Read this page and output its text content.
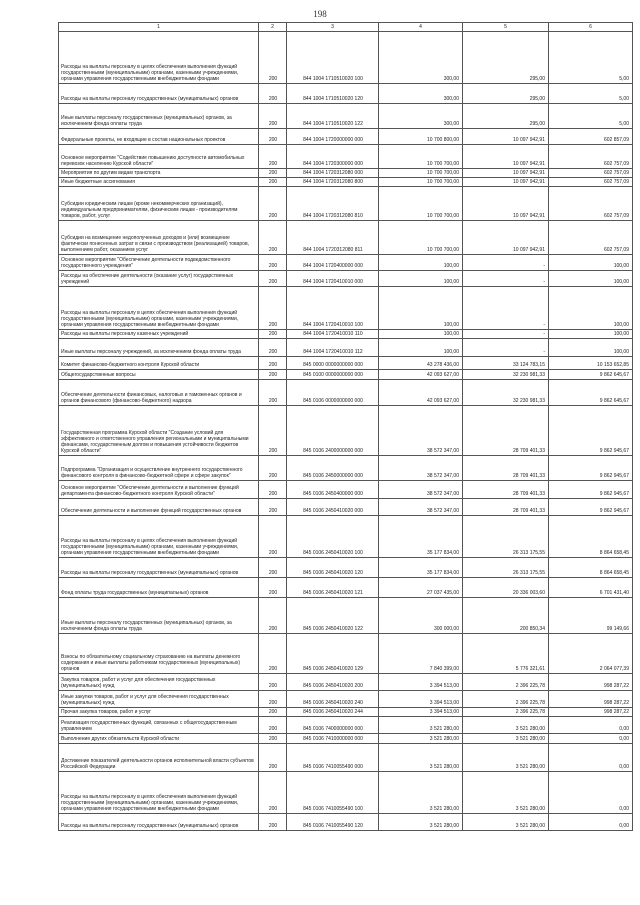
198
1	2	3	4	5	6
Расходы на выплаты персоналу в целях обеспечения выполнения функций государственными (муниципальными) органами, казенными учреждениями, органами управления государственными внебюджетными фондами	200	844 1004 1710510020 100	300,00	295,00	5,00
Расходы на выплаты персоналу государственных (муниципальных) органов	200	844 1004 1710510020 120	300,00	295,00	5,00
Иные выплаты персоналу государственных (муниципальных) органов, за исключением фонда оплаты труда	200	844 1004 1710510020 122	300,00	295,00	5,00
Федеральные проекты, не входящие в состав национальных проектов	200	844 1004 1720000000 000	10 700 800,00	10 097 942,91	602 857,09
Основное мероприятие "Содействие повышению доступности автомобильных перевозок населению Курской области"	200	844 1004 1720300000 000	10 700 700,00	10 097 942,91	602 757,09
Мероприятия по другим видам транспорта	200	844 1004 1720312080 000	10 700 700,00	10 097 942,91	602 757,09
Иные бюджетные ассигнования	200	844 1004 1720312080 800	10 700 700,00	10 097 942,91	602 757,09
Субсидии юридическим лицам (кроме некоммерческих организаций), индивидуальным предпринимателям, физическим лицам - производителям товаров, работ, услуг	200	844 1004 1720312080 810	10 700 700,00	10 097 942,91	602 757,09
Субсидии на возмещение недополученных доходов и (или) возмещение фактически понесенных затрат в связи с производством (реализацией) товаров, выполнением работ, оказанием услуг	200	844 1004 1720312080 811	10 700 700,00	10 097 942,91	602 757,09
Основное мероприятие "Обеспечение деятельности подведомственного государственного учреждения"	200	844 1004 1720400000 000	100,00	-	100,00
Расходы на обеспечение деятельности (оказание услуг) государственных учреждений	200	844 1004 1720410010 000	100,00	-	100,00
Расходы на выплаты персоналу в целях обеспечения выполнения функций государственными (муниципальными) органами, казенными учреждениями, органами управления государственными внебюджетными фондами	200	844 1004 1720410010 100	100,00	-	100,00
Расходы на выплаты персоналу казенных учреждений	200	844 1004 1720410010 110	100,00	-	100,00
Иные выплаты персоналу учреждений, за исключением фонда оплаты труда	200	844 1004 1720410010 112	100,00	-	100,00
Комитет финансово-бюджетного контроля Курской области	200	845 0000 0000000000 000	43 278 436,00	33 124 783,15	10 153 652,85
Общегосударственные вопросы	200	845 0100 0000000000 000	42 093 627,00	32 230 981,33	9 862 645,67
Обеспечение деятельности финансовых, налоговых и таможенных органов и органов финансового (финансово-бюджетного) надзора	200	845 0106 0000000000 000	42 093 627,00	32 230 981,33	9 862 645,67
Государственная программа Курской области "Создание условий для эффективного и ответственного управления региональными и муниципальными финансами, государственным долгом и повышения устойчивости бюджетов Курской области"	200	845 0106 2400000000 000	38 572 347,00	28 709 401,33	9 862 945,67
Подпрограмма "Организация и осуществление внутреннего государственного финансового контроля в финансово-бюджетной сфере и сфере закупок"	200	845 0106 2450000000 000	38 572 347,00	28 709 401,33	9 862 945,67
Основное мероприятие "Обеспечение деятельности и выполнение функций департамента финансово-бюджетного контроля Курской области"	200	845 0106 2450400000 000	38 572 347,00	28 709 401,33	9 862 945,67
Обеспечение деятельности и выполнение функций государственных органов	200	845 0106 2450410020 000	38 572 347,00	28 709 401,33	9 862 945,67
Расходы на выплаты персоналу в целях обеспечения выполнения функций государственными (муниципальными) органами, казенными учреждениями, органами управления государственными внебюджетными фондами	200	845 0106 2450410020 100	35 177 834,00	26 313 175,55	8 864 658,45
Расходы на выплаты персоналу государственных (муниципальных) органов	200	845 0106 2450410020 120	35 177 834,00	26 313 175,55	8 864 658,45
Фонд оплаты труда государственных (муниципальных) органов	200	845 0106 2450410020 121	27 037 435,00	20 336 003,60	6 701 431,40
Иные выплаты персоналу государственных (муниципальных) органов, за исключением фонда оплаты труда	200	845 0106 2450410020 122	300 000,00	200 850,34	99 149,66
Взносы по обязательному социальному страхованию на выплаты денежного содержания и иные выплаты работникам государственных (муниципальных) органов	200	845 0106 2450410020 129	7 840 399,00	5 776 321,61	2 064 077,39
Закупка товаров, работ и услуг для обеспечения государственных (муниципальных) нужд	200	845 0106 2450410020 200	3 394 513,00	2 396 225,78	998 287,22
Иные закупки товаров, работ и услуг для обеспечения государственных (муниципальных) нужд	200	845 0106 2450410020 240	3 394 513,00	2 396 225,78	998 287,22
Прочая закупка товаров, работ и услуг	200	845 0106 2450410020 244	3 394 513,00	2 396 225,78	998 287,22
Реализация государственных функций, связанных с общегосударственным управлением	200	845 0106 7400000000 000	3 521 280,00	3 521 280,00	0,00
Выполнение других обязательств Курской области	200	845 0106 7410000000 000	3 521 280,00	3 521 280,00	0,00
Достижение показателей деятельности органов исполнительной власти субъектов Российской Федерации	200	845 0106 7410055490 000	3 521 280,00	3 521 280,00	0,00
Расходы на выплаты персоналу в целях обеспечения выполнения функций государственными (муниципальными) органами, казенными учреждениями, органами управления государственными внебюджетными фондами	200	845 0106 7410055490 100	3 521 280,00	3 521 280,00	0,00
Расходы на выплаты персоналу государственных (муниципальных) органов	200	845 0106 7410055490 120	3 521 280,00	3 521 280,00	0,00
